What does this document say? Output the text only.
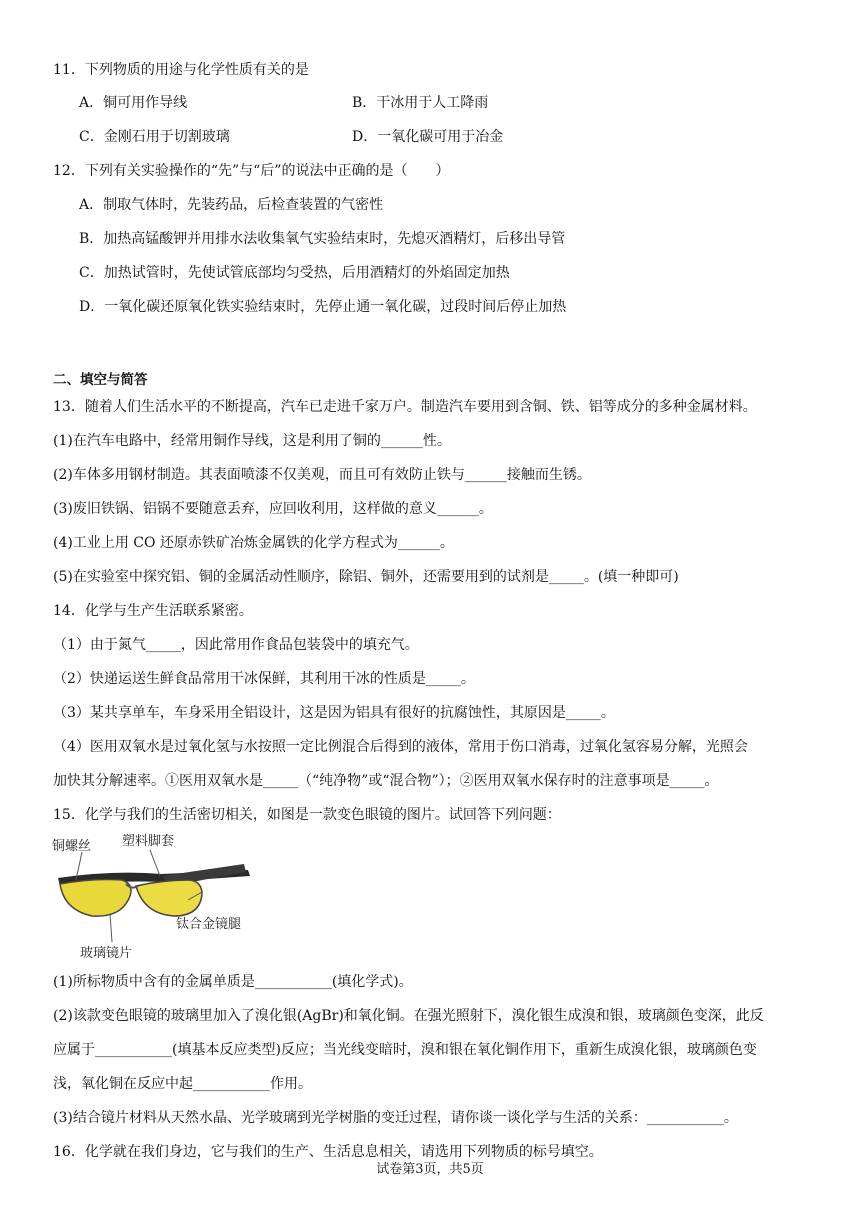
11．下列物质的用途与化学性质有关的是
A．铜可用作导线	B．干冰用于人工降雨
C．金刚石用于切割玻璃	D．一氧化碳可用于冶金
12．下列有关实验操作的“先”与“后”的说法中正确的是（　　）
A．制取气体时，先装药品，后检查装置的气密性
B．加热高锰酸钾并用排水法收集氧气实验结束时，先熄灭酒精灯，后移出导管
C．加热试管时，先使试管底部均匀受热，后用酒精灯的外焰固定加热
D．一氧化碳还原氧化铁实验结束时，先停止通一氧化碳，过段时间后停止加热
二、填空与简答
13．随着人们生活水平的不断提高，汽车已走进千家万户。制造汽车要用到含铜、铁、铝等成分的多种金属材料。
(1)在汽车电路中，经常用铜作导线，这是利用了铜的______性。
(2)车体多用钢材制造。其表面喷漆不仅美观，而且可有效防止铁与______接触而生锈。
(3)废旧铁锅、铝锅不要随意丢弃，应回收利用，这样做的意义______。
(4)工业上用 CO 还原赤铁矿冶炼金属铁的化学方程式为______。
(5)在实验室中探究铝、铜的金属活动性顺序，除铝、铜外，还需要用到的试剂是_____。(填一种即可)
14．化学与生产生活联系紧密。
（1）由于氮气_____，因此常用作食品包装袋中的填充气。
（2）快递运送生鲜食品常用干冰保鲜，其利用干冰的性质是_____。
（3）某共享单车，车身采用全铝设计，这是因为铝具有很好的抗腐蚀性，其原因是_____。
（4）医用双氧水是过氧化氢与水按照一定比例混合后得到的液体，常用于伤口消毒，过氧化氢容易分解，光照会
加快其分解速率。①医用双氧水是_____（“纯净物”或“混合物”）；②医用双氧水保存时的注意事项是_____。
15．化学与我们的生活密切相关，如图是一款变色眼镜的图片。试回答下列问题：
铜螺丝 塑料脚套
钛合金镜腿
玻璃镜片
(1)所标物质中含有的金属单质是___________(填化学式)。
(2)该款变色眼镜的玻璃里加入了溴化银(AgBr)和氧化铜。在强光照射下，溴化银生成溴和银，玻璃颜色变深，此反
应属于___________(填基本反应类型)反应；当光线变暗时，溴和银在氧化铜作用下，重新生成溴化银，玻璃颜色变
浅，氧化铜在反应中起___________作用。
(3)结合镜片材料从天然水晶、光学玻璃到光学树脂的变迁过程，请你谈一谈化学与生活的关系：___________。
16．化学就在我们身边，它与我们的生产、生活息息相关，请选用下列物质的标号填空。
试卷第3页，共5页
